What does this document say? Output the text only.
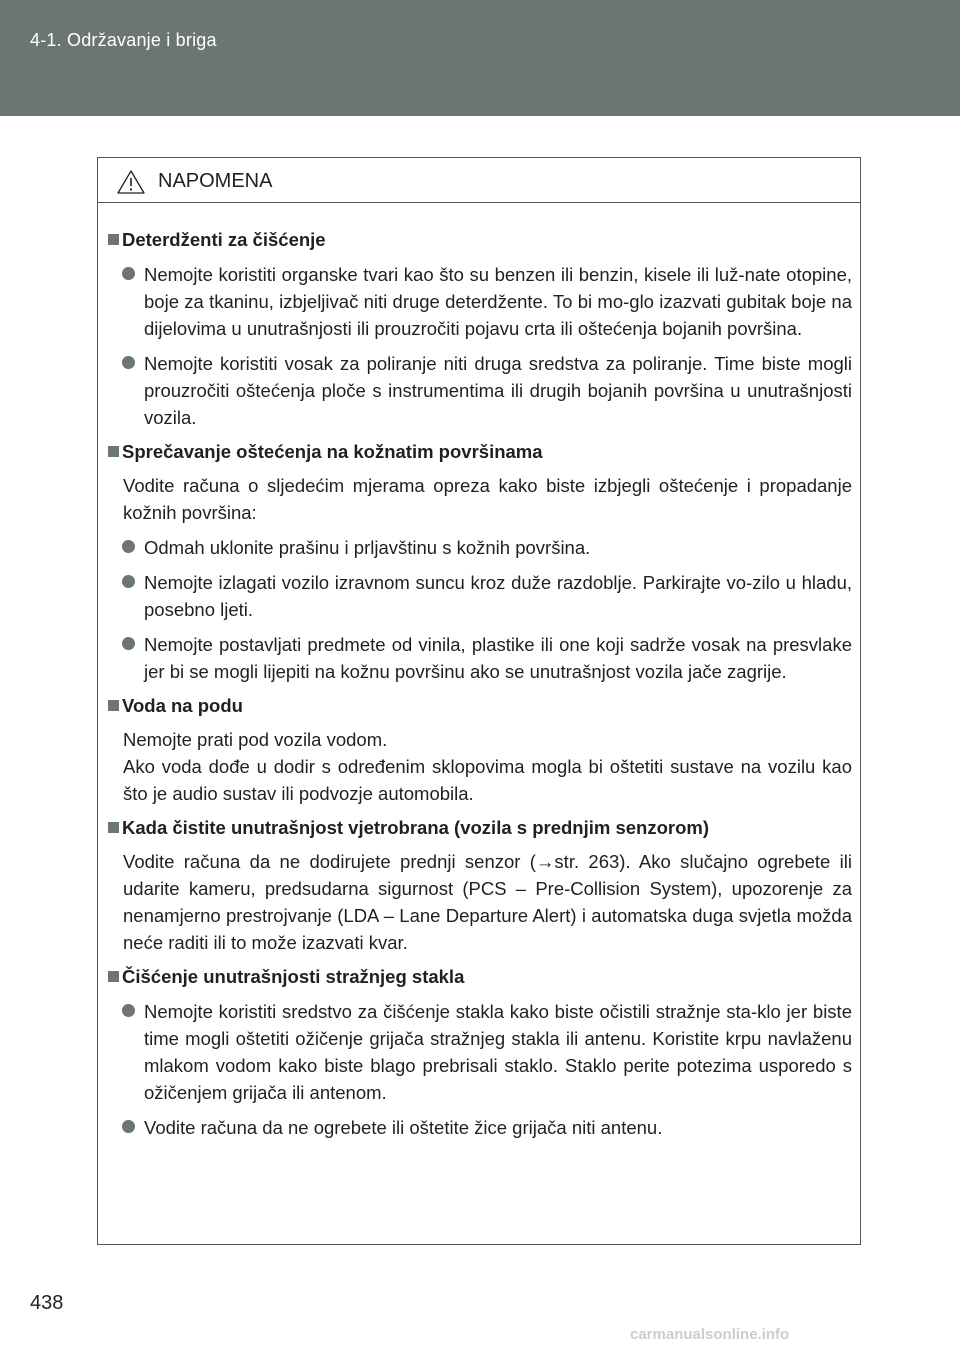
4-1. Održavanje i briga
NAPOMENA
Deterdženti za čišćenje
Nemojte koristiti organske tvari kao što su benzen ili benzin, kisele ili luž-nate otopine, boje za tkaninu, izbjeljivač niti druge deterdžente. To bi mo-glo izazvati gubitak boje na dijelovima u unutrašnjosti ili prouzročiti pojavu crta ili oštećenja bojanih površina.
Nemojte koristiti vosak za poliranje niti druga sredstva za poliranje. Time biste mogli prouzročiti oštećenja ploče s instrumentima ili drugih bojanih površina u unutrašnjosti vozila.
Sprečavanje oštećenja na kožnatim površinama
Vodite računa o sljedećim mjerama opreza kako biste izbjegli oštećenje i propadanje kožnih površina:
Odmah uklonite prašinu i prljavštinu s kožnih površina.
Nemojte izlagati vozilo izravnom suncu kroz duže razdoblje. Parkirajte vo-zilo u hladu, posebno ljeti.
Nemojte postavljati predmete od vinila, plastike ili one koji sadrže vosak na presvlake jer bi se mogli lijepiti na kožnu površinu ako se unutrašnjost vozila jače zagrije.
Voda na podu
Nemojte prati pod vozila vodom.
Ako voda dođe u dodir s određenim sklopovima mogla bi oštetiti sustave na vozilu kao što je audio sustav ili podvozje automobila.
Kada čistite unutrašnjost vjetrobrana (vozila s prednjim senzorom)
Vodite računa da ne dodirujete prednji senzor (→str. 263). Ako slučajno ogrebete ili udarite kameru, predsudarna sigurnost (PCS – Pre-Collision System), upozorenje za nenamjerno prestrojvanje (LDA – Lane Departure Alert) i automatska duga svjetla možda neće raditi ili to može izazvati kvar.
Čišćenje unutrašnjosti stražnjeg stakla
Nemojte koristiti sredstvo za čišćenje stakla kako biste očistili stražnje sta-klo jer biste time mogli oštetiti ožičenje grijača stražnjeg stakla ili antenu. Koristite krpu navlaženu mlakom vodom kako biste blago prebrisali staklo. Staklo perite potezima usporedo s ožičenjem grijača ili antenom.
Vodite računa da ne ogrebete ili oštetite žice grijača niti antenu.
438
carmanualsonline.info
